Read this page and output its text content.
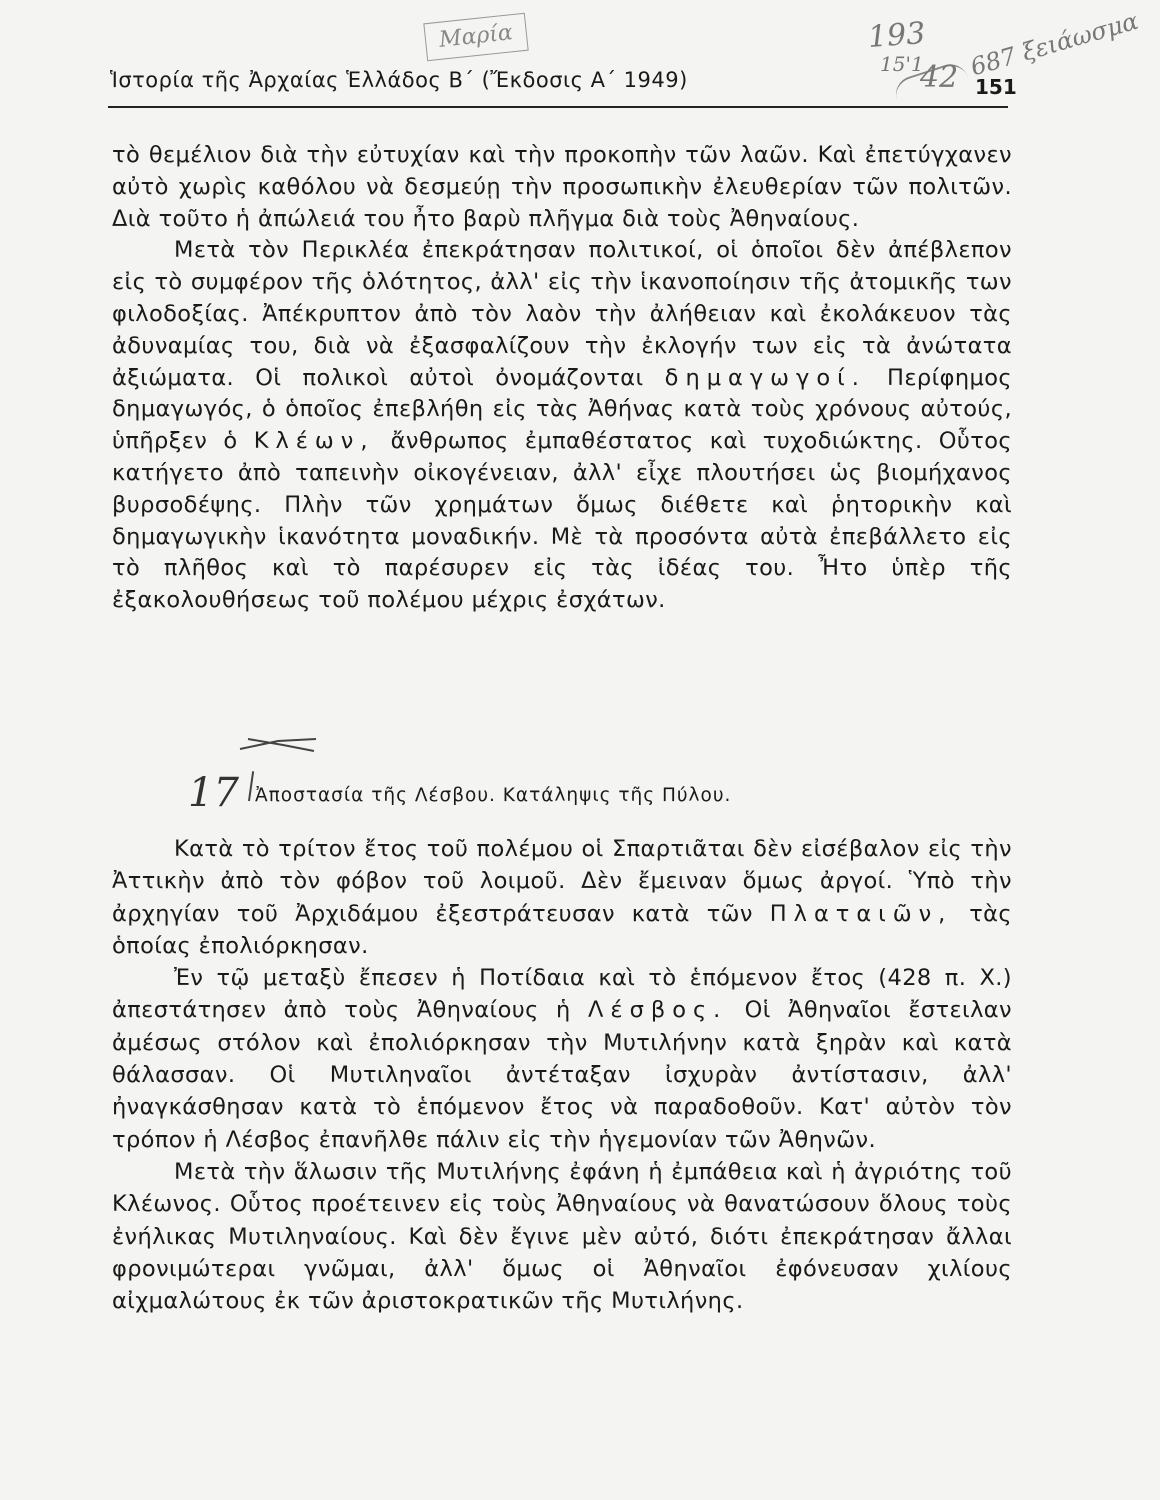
Ἱστορία τῆς Ἀρχαίας Ἑλλάδος Β΄ (Ἔκδοσις Α΄ 1949)	151
Μαρία	193
15'1
42 687 ξειάωσμα

τὸ θεμέλιον διὰ τὴν εὐτυχίαν καὶ τὴν προκοπὴν τῶν λαῶν. Καὶ ἐπετύγχανεν αὐτὸ χωρὶς καθόλου νὰ δεσμεύῃ τὴν προσωπικὴν ἐλευθερίαν τῶν πολιτῶν. Διὰ τοῦτο ἡ ἀπώλειά του ἦτο βαρὺ πλῆγμα διὰ τοὺς Ἀθηναίους.

Μετὰ τὸν Περικλέα ἐπεκράτησαν πολιτικοί, οἱ ὁποῖοι δὲν ἀπέβλεπον εἰς τὸ συμφέρον τῆς ὁλότητος, ἀλλ' εἰς τὴν ἱκανοποίησιν τῆς ἀτομικῆς των φιλοδοξίας. Ἀπέκρυπτον ἀπὸ τὸν λαὸν τὴν ἀλήθειαν καὶ ἐκολάκευον τὰς ἀδυναμίας του, διὰ νὰ ἐξασφαλίζουν τὴν ἐκλογήν των εἰς τὰ ἀνώτατα ἀξιώματα. Οἱ πολικοὶ αὐτοὶ ὀνομάζονται δημαγωγοί. Περίφημος δημαγωγός, ὁ ὁποῖος ἐπεβλήθη εἰς τὰς Ἀθήνας κατὰ τοὺς χρόνους αὐτούς, ὑπῆρξεν ὁ Κλέων, ἄνθρωπος ἐμπαθέστατος καὶ τυχοδιώκτης. Οὗτος κατήγετο ἀπὸ ταπεινὴν οἰκογένειαν, ἀλλ' εἶχε πλουτήσει ὡς βιομήχανος βυρσοδέψης. Πλὴν τῶν χρημάτων ὅμως διέθετε καὶ ῥητορικὴν καὶ δημαγωγικὴν ἱκανότητα μοναδικήν. Μὲ τὰ προσόντα αὐτὰ ἐπεβάλλετο εἰς τὸ πλῆθος καὶ τὸ παρέσυρεν εἰς τὰς ἰδέας του. Ἦτο ὑπὲρ τῆς ἐξακολουθήσεως τοῦ πολέμου μέχρις ἐσχάτων.

17 Ἀποστασία τῆς Λέσβου. Κατάληψις τῆς Πύλου.

Κατὰ τὸ τρίτον ἔτος τοῦ πολέμου οἱ Σπαρτιᾶται δὲν εἰσέβαλον εἰς τὴν Ἀττικὴν ἀπὸ τὸν φόβον τοῦ λοιμοῦ. Δὲν ἔμειναν ὅμως ἀργοί. Ὑπὸ τὴν ἀρχηγίαν τοῦ Ἀρχιδάμου ἐξεστράτευσαν κατὰ τῶν Πλαταιῶν, τὰς ὁποίας ἐπολιόρκησαν.

Ἐν τῷ μεταξὺ ἔπεσεν ἡ Ποτίδαια καὶ τὸ ἑπόμενον ἔτος (428 π. Χ.) ἀπεστάτησεν ἀπὸ τοὺς Ἀθηναίους ἡ Λέσβος. Οἱ Ἀθηναῖοι ἔστειλαν ἀμέσως στόλον καὶ ἐπολιόρκησαν τὴν Μυτιλήνην κατὰ ξηρὰν καὶ κατὰ θάλασσαν. Οἱ Μυτιληναῖοι ἀντέταξαν ἰσχυρὰν ἀντίστασιν, ἀλλ' ἠναγκάσθησαν κατὰ τὸ ἑπόμενον ἔτος νὰ παραδοθοῦν. Κατ' αὐτὸν τὸν τρόπον ἡ Λέσβος ἐπανῆλθε πάλιν εἰς τὴν ἡγεμονίαν τῶν Ἀθηνῶν.

Μετὰ τὴν ἅλωσιν τῆς Μυτιλήνης ἐφάνη ἡ ἐμπάθεια καὶ ἡ ἀγριότης τοῦ Κλέωνος. Οὗτος προέτεινεν εἰς τοὺς Ἀθηναίους νὰ θανατώσουν ὅλους τοὺς ἐνήλικας Μυτιληναίους. Καὶ δὲν ἔγινε μὲν αὐτό, διότι ἐπεκράτησαν ἄλλαι φρονιμώτεραι γνῶμαι, ἀλλ' ὅμως οἱ Ἀθηναῖοι ἐφόνευσαν χιλίους αἰχμαλώτους ἐκ τῶν ἀριστοκρατικῶν τῆς Μυτιλήνης.
